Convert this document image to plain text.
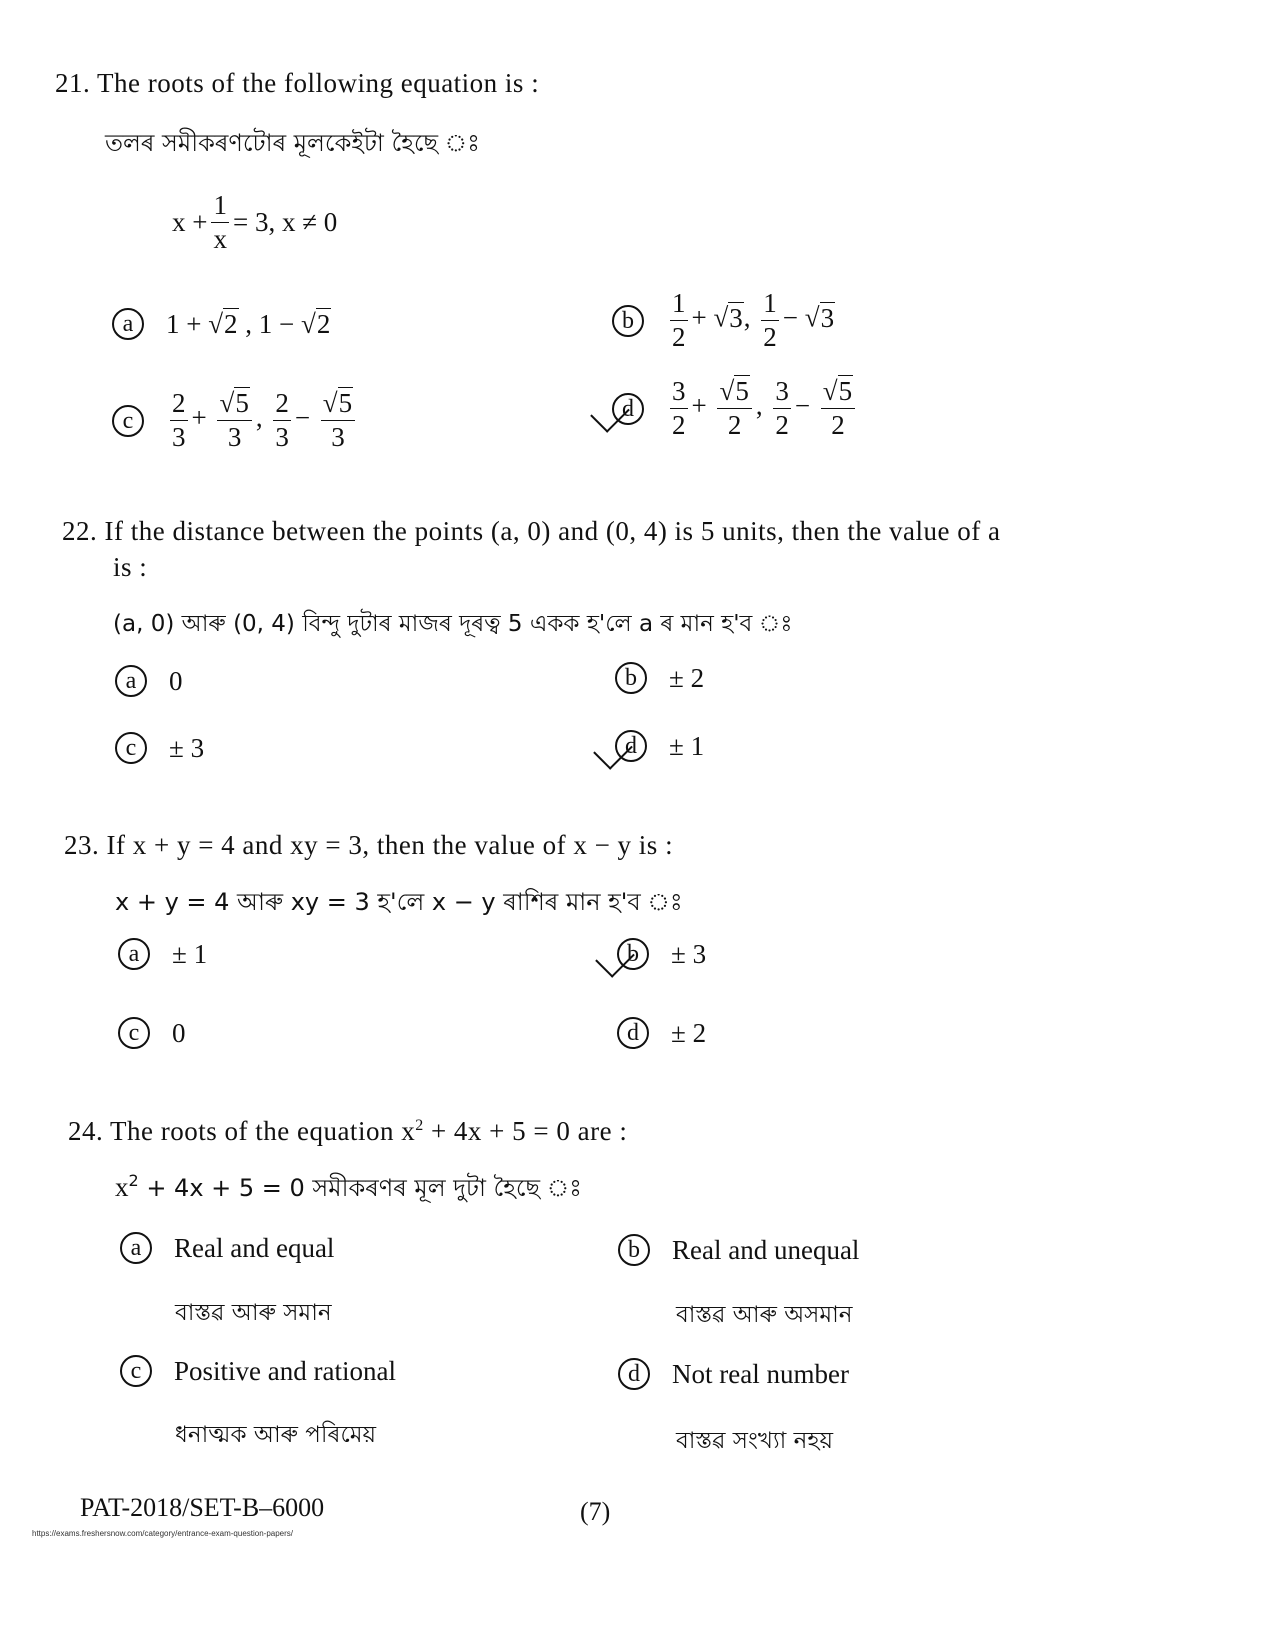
21. The roots of the following equation is :
তলৰ সমীকৰণটোৰ মূলকেইটা হৈছে ঃ
$x + \frac{1}{x} = 3$, x ≠ 0
a	1 + √2 , 1 − √2	b	$\frac{1}{2} + √3$, $\frac{1}{2} - √3$
c	$\frac{2}{3} + \frac{√5}{3}$ , $\frac{2}{3} - \frac{√5}{3}$	d	$\frac{3}{2} + \frac{√5}{2}$ , $\frac{3}{2} - \frac{√5}{2}$
22. If the distance between the points (a, 0) and (0, 4) is 5 units, then the value of a
is :
(a, 0) আৰু (0, 4) বিন্দু দুটাৰ মাজৰ দূৰত্ব 5 একক হ'লে a ৰ মান হ'ব ঃ
a	0	b	± 2
c	± 3	d	± 1
23. If x + y = 4 and xy = 3, then the value of x − y is :
x + y = 4 আৰু xy = 3 হ'লে x − y ৰাশিৰ মান হ'ব ঃ
a	± 1	b	± 3
c	0	d	± 2
24. The roots of the equation $x^2 + 4x + 5 = 0$ are :
$x^2 + 4x + 5 = 0$ সমীকৰণৰ মূল দুটা হৈছে ঃ
a	Real and equal
বাস্তৱ আৰু সমান
b	Real and unequal
বাস্তৱ আৰু অসমান
c	Positive and rational
ধনাত্মক আৰু পৰিমেয়
d	Not real number
বাস্তৱ সংখ্যা নহয়
PAT-2018/SET-B–6000	(7)
https://exams.freshersnow.com/category/entrance-exam-question-papers/
